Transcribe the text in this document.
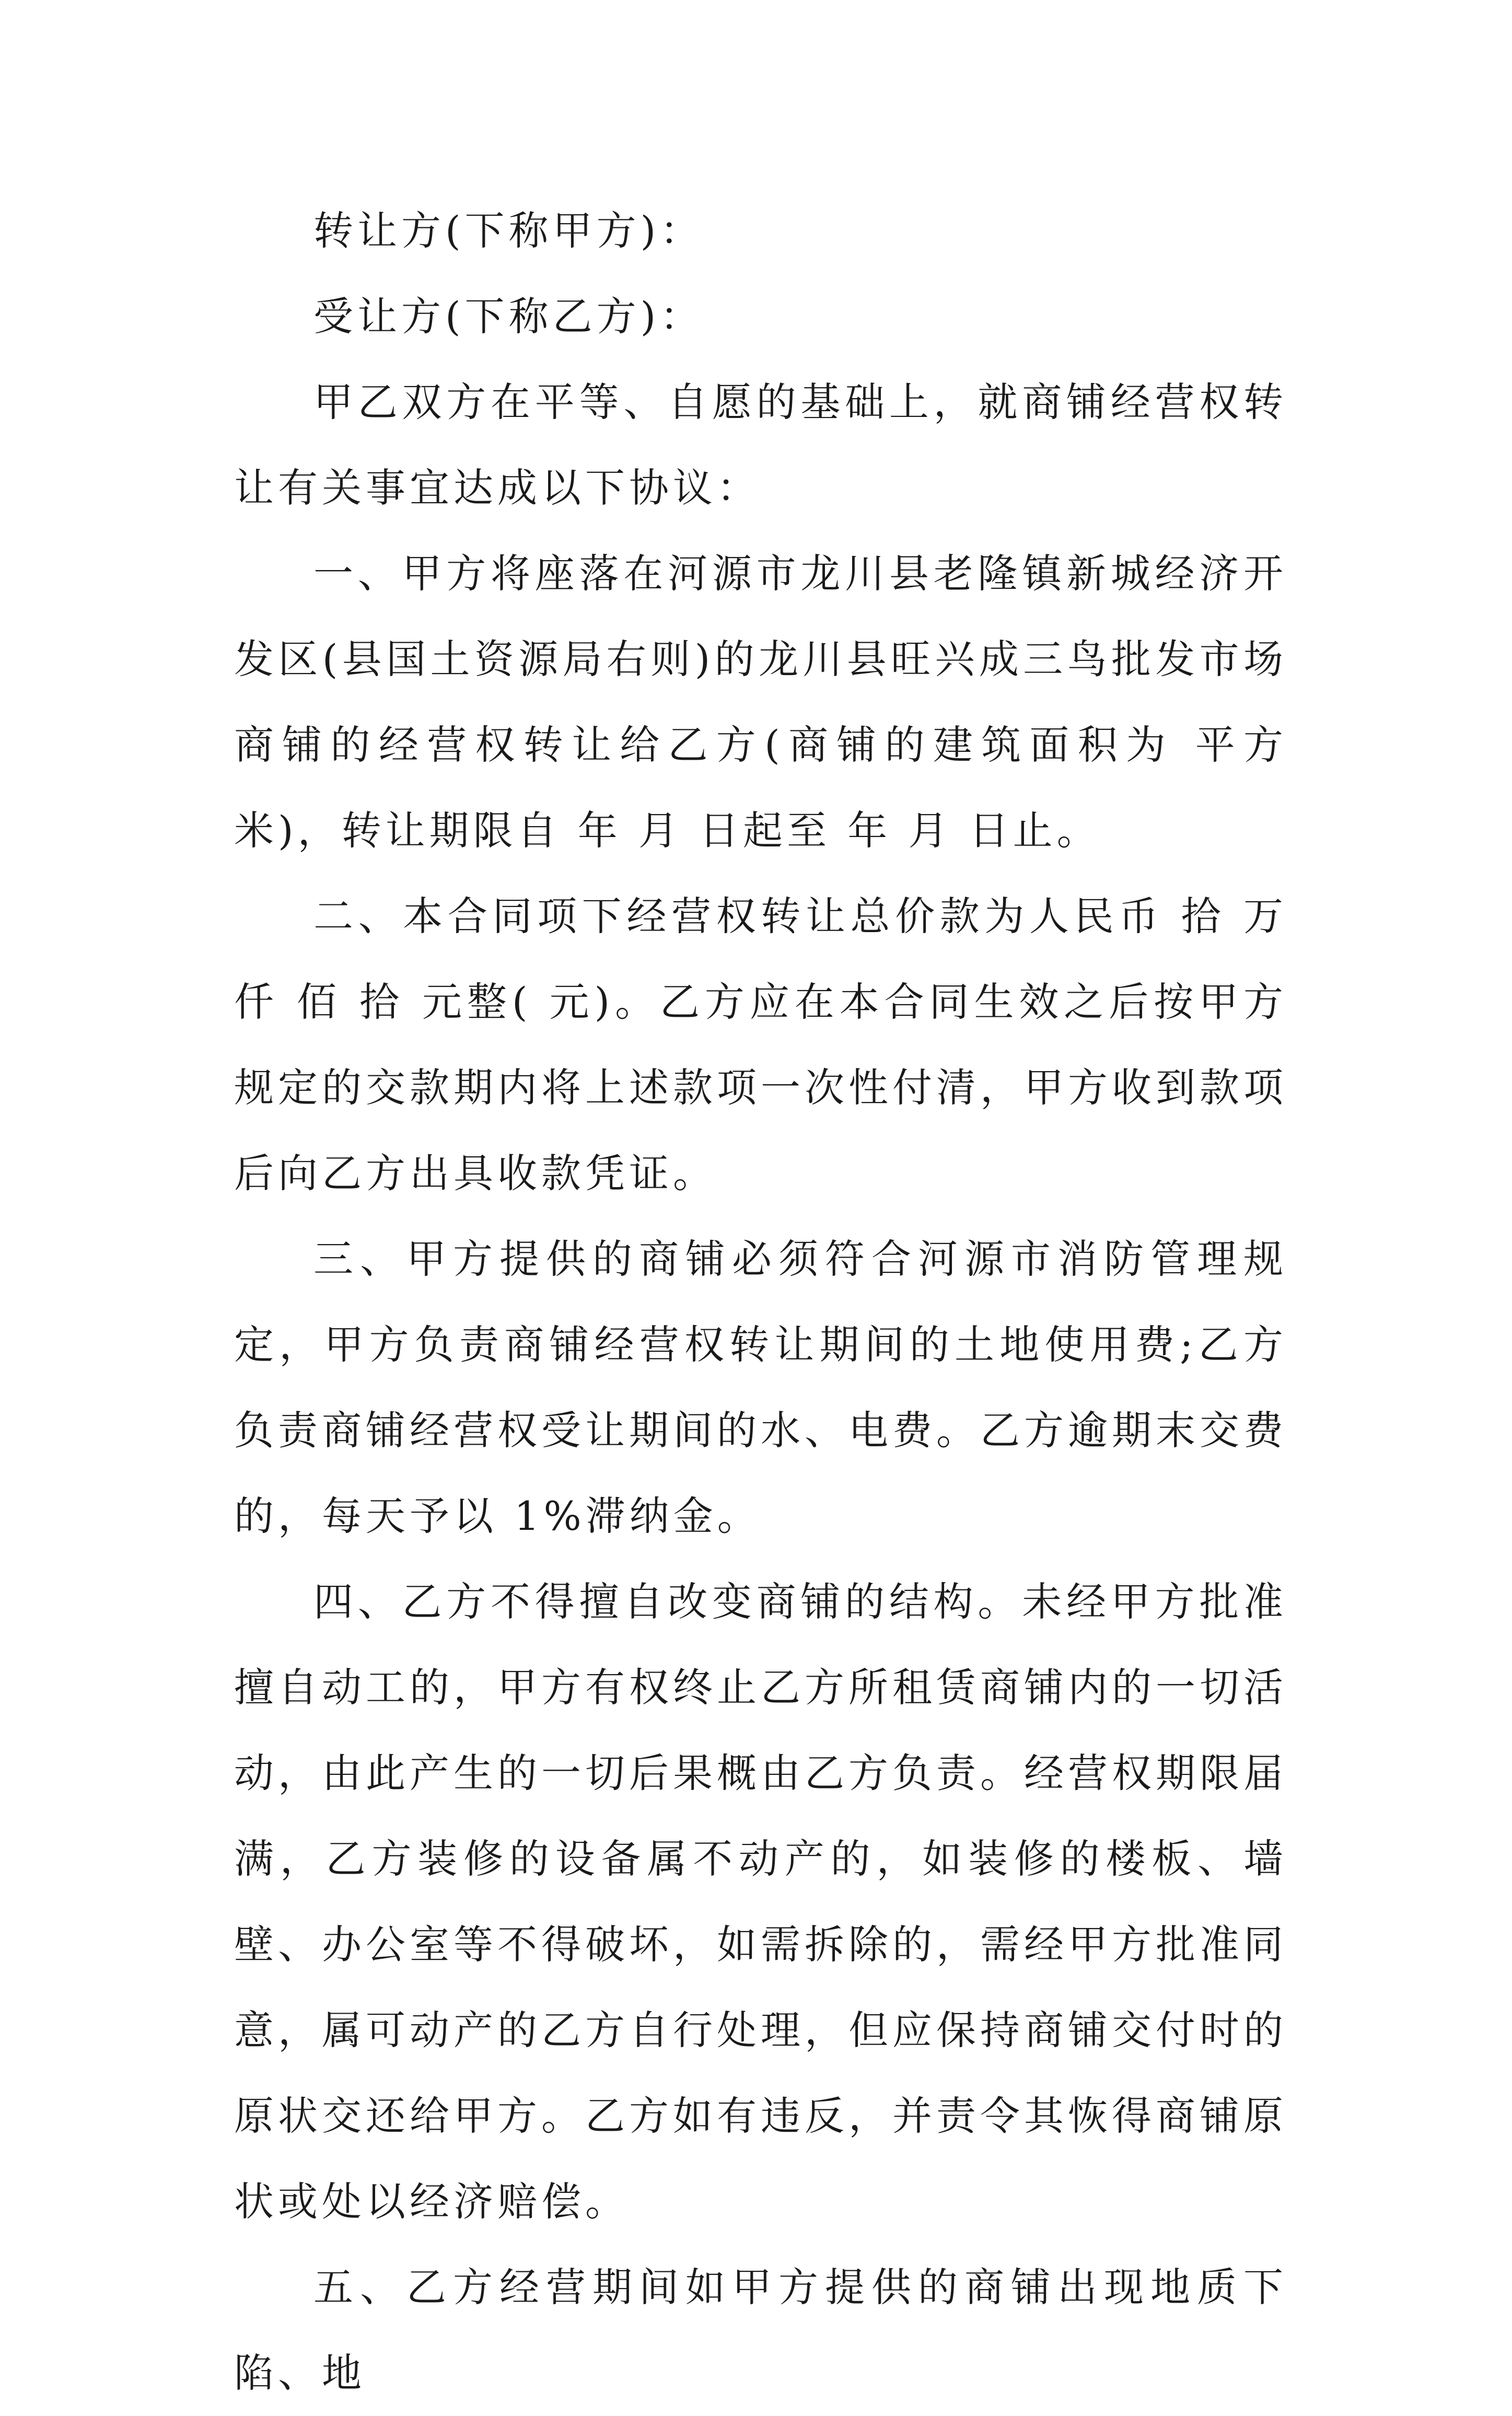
转让方(下称甲方)：

受让方(下称乙方)：

甲乙双方在平等、自愿的基础上，就商铺经营权转让有关事宜达成以下协议：

一、甲方将座落在河源市龙川县老隆镇新城经济开发区(县国土资源局右则)的龙川县旺兴成三鸟批发市场 商铺的经营权转让给乙方(商铺的建筑面积为 平方米)，转让期限自 年 月 日起至 年 月 日止。

二、本合同项下经营权转让总价款为人民币 拾 万 仟 佰 拾 元整( 元)。乙方应在本合同生效之后按甲方规定的交款期内将上述款项一次性付清，甲方收到款项后向乙方出具收款凭证。

三、甲方提供的商铺必须符合河源市消防管理规定，甲方负责商铺经营权转让期间的土地使用费;乙方负责商铺经营权受让期间的水、电费。乙方逾期末交费的，每天予以 1%滞纳金。

四、乙方不得擅自改变商铺的结构。未经甲方批准擅自动工的，甲方有权终止乙方所租赁商铺内的一切活动，由此产生的一切后果概由乙方负责。经营权期限届满，乙方装修的设备属不动产的，如装修的楼板、墙壁、办公室等不得破坏，如需拆除的，需经甲方批准同意，属可动产的乙方自行处理，但应保持商铺交付时的原状交还给甲方。乙方如有违反，并责令其恢得商铺原状或处以经济赔偿。

五、乙方经营期间如甲方提供的商铺出现地质下陷、地
